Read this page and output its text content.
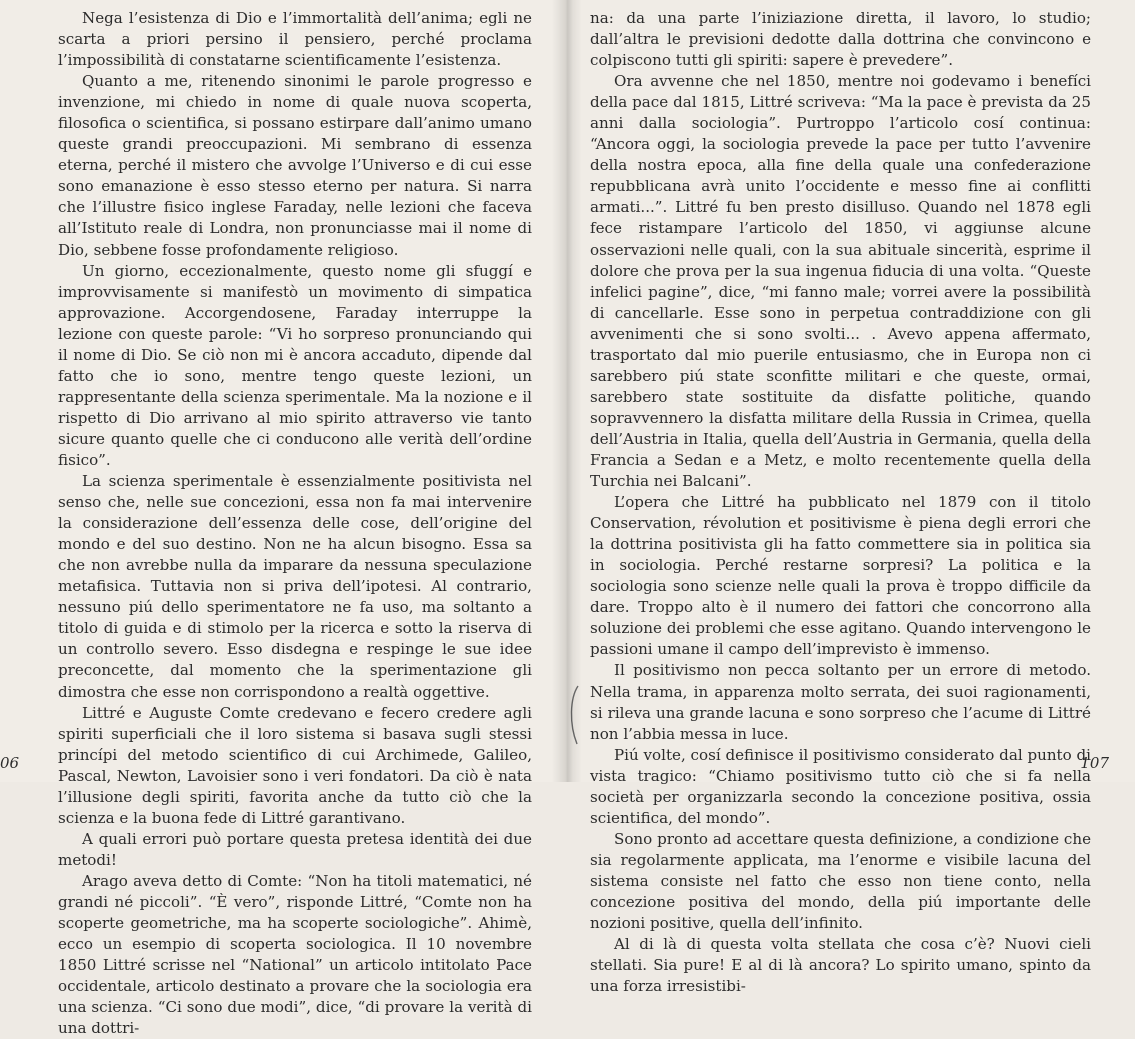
Nega l’esistenza di Dio e l’immortalità dell’anima; egli ne scarta a priori persino il pensiero, perché proclama l’impossibilità di constatarne scientificamente l’esistenza.

Quanto a me, ritenendo sinonimi le parole progresso e invenzione, mi chiedo in nome di quale nuova scoperta, filosofica o scientifica, si possano estirpare dall’animo umano queste grandi preoccupazioni. Mi sembrano di essenza eterna, perché il mistero che avvolge l’Universo e di cui esse sono emanazione è esso stesso eterno per natura. Si narra che l’illustre fisico inglese Faraday, nelle lezioni che faceva all’Istituto reale di Londra, non pronunciasse mai il nome di Dio, sebbene fosse profondamente religioso.

Un giorno, eccezionalmente, questo nome gli sfuggí e improvvisamente si manifestò un movimento di simpatica approvazione. Accorgendosene, Faraday interruppe la lezione con queste parole: “Vi ho sorpreso pronunciando qui il nome di Dio. Se ciò non mi è ancora accaduto, dipende dal fatto che io sono, mentre tengo queste lezioni, un rappresentante della scienza sperimentale. Ma la nozione e il rispetto di Dio arrivano al mio spirito attraverso vie tanto sicure quanto quelle che ci conducono alle verità dell’ordine fisico”.

La scienza sperimentale è essenzialmente positivista nel senso che, nelle sue concezioni, essa non fa mai intervenire la considerazione dell’essenza delle cose, dell’origine del mondo e del suo destino. Non ne ha alcun bisogno. Essa sa che non avrebbe nulla da imparare da nessuna speculazione metafisica. Tuttavia non si priva dell’ipotesi. Al contrario, nessuno piú dello sperimentatore ne fa uso, ma soltanto a titolo di guida e di stimolo per la ricerca e sotto la riserva di un controllo severo. Esso disdegna e respinge le sue idee preconcette, dal momento che la sperimentazione gli dimostra che esse non corrispondono a realtà oggettive.

Littré e Auguste Comte credevano e fecero credere agli spiriti superficiali che il loro sistema si basava sugli stessi princípi del metodo scientifico di cui Archimede, Galileo, Pascal, Newton, Lavoisier sono i veri fondatori. Da ciò è nata l’illusione degli spiriti, favorita anche da tutto ciò che la scienza e la buona fede di Littré garantivano.

A quali errori può portare questa pretesa identità dei due metodi!

Arago aveva detto di Comte: “Non ha titoli matematici, né grandi né piccoli”. “È vero”, risponde Littré, “Comte non ha scoperte geometriche, ma ha scoperte sociologiche”. Ahimè, ecco un esempio di scoperta sociologica. Il 10 novembre 1850 Littré scrisse nel “National” un articolo intitolato Pace occidentale, articolo destinato a provare che la sociologia era una scienza. “Ci sono due modi”, dice, “di provare la verità di una dottri-

06

na: da una parte l’iniziazione diretta, il lavoro, lo studio; dall’altra le previsioni dedotte dalla dottrina che convincono e colpiscono tutti gli spiriti: sapere è prevedere”.

Ora avvenne che nel 1850, mentre noi godevamo i benefíci della pace dal 1815, Littré scriveva: “Ma la pace è prevista da 25 anni dalla sociologia”. Purtroppo l’articolo cosí continua: “Ancora oggi, la sociologia prevede la pace per tutto l’avvenire della nostra epoca, alla fine della quale una confederazione repubblicana avrà unito l’occidente e messo fine ai conflitti armati...”. Littré fu ben presto disilluso. Quando nel 1878 egli fece ristampare l’articolo del 1850, vi aggiunse alcune osservazioni nelle quali, con la sua abituale sincerità, esprime il dolore che prova per la sua ingenua fiducia di una volta. “Queste infelici pagine”, dice, “mi fanno male; vorrei avere la possibilità di cancellarle. Esse sono in perpetua contraddizione con gli avvenimenti che si sono svolti... . Avevo appena affermato, trasportato dal mio puerile entusiasmo, che in Europa non ci sarebbero piú state sconfitte militari e che queste, ormai, sarebbero state sostituite da disfatte politiche, quando sopravvennero la disfatta militare della Russia in Crimea, quella dell’Austria in Italia, quella dell’Austria in Germania, quella della Francia a Sedan e a Metz, e molto recentemente quella della Turchia nei Balcani”.

L’opera che Littré ha pubblicato nel 1879 con il titolo Conservation, révolution et positivisme è piena degli errori che la dottrina positivista gli ha fatto commettere sia in politica sia in sociologia. Perché restarne sorpresi? La politica e la sociologia sono scienze nelle quali la prova è troppo difficile da dare. Troppo alto è il numero dei fattori che concorrono alla soluzione dei problemi che esse agitano. Quando intervengono le passioni umane il campo dell’imprevisto è immenso.

Il positivismo non pecca soltanto per un errore di metodo. Nella trama, in apparenza molto serrata, dei suoi ragionamenti, si rileva una grande lacuna e sono sorpreso che l’acume di Littré non l’abbia messa in luce.

Piú volte, cosí definisce il positivismo considerato dal punto di vista tragico: “Chiamo positivismo tutto ciò che si fa nella società per organizzarla secondo la concezione positiva, ossia scientifica, del mondo”.

Sono pronto ad accettare questa definizione, a condizione che sia regolarmente applicata, ma l’enorme e visibile lacuna del sistema consiste nel fatto che esso non tiene conto, nella concezione positiva del mondo, della piú importante delle nozioni positive, quella dell’infinito.

Al di là di questa volta stellata che cosa c’è? Nuovi cieli stellati. Sia pure! E al di là ancora? Lo spirito umano, spinto da una forza irresistibi-

107
